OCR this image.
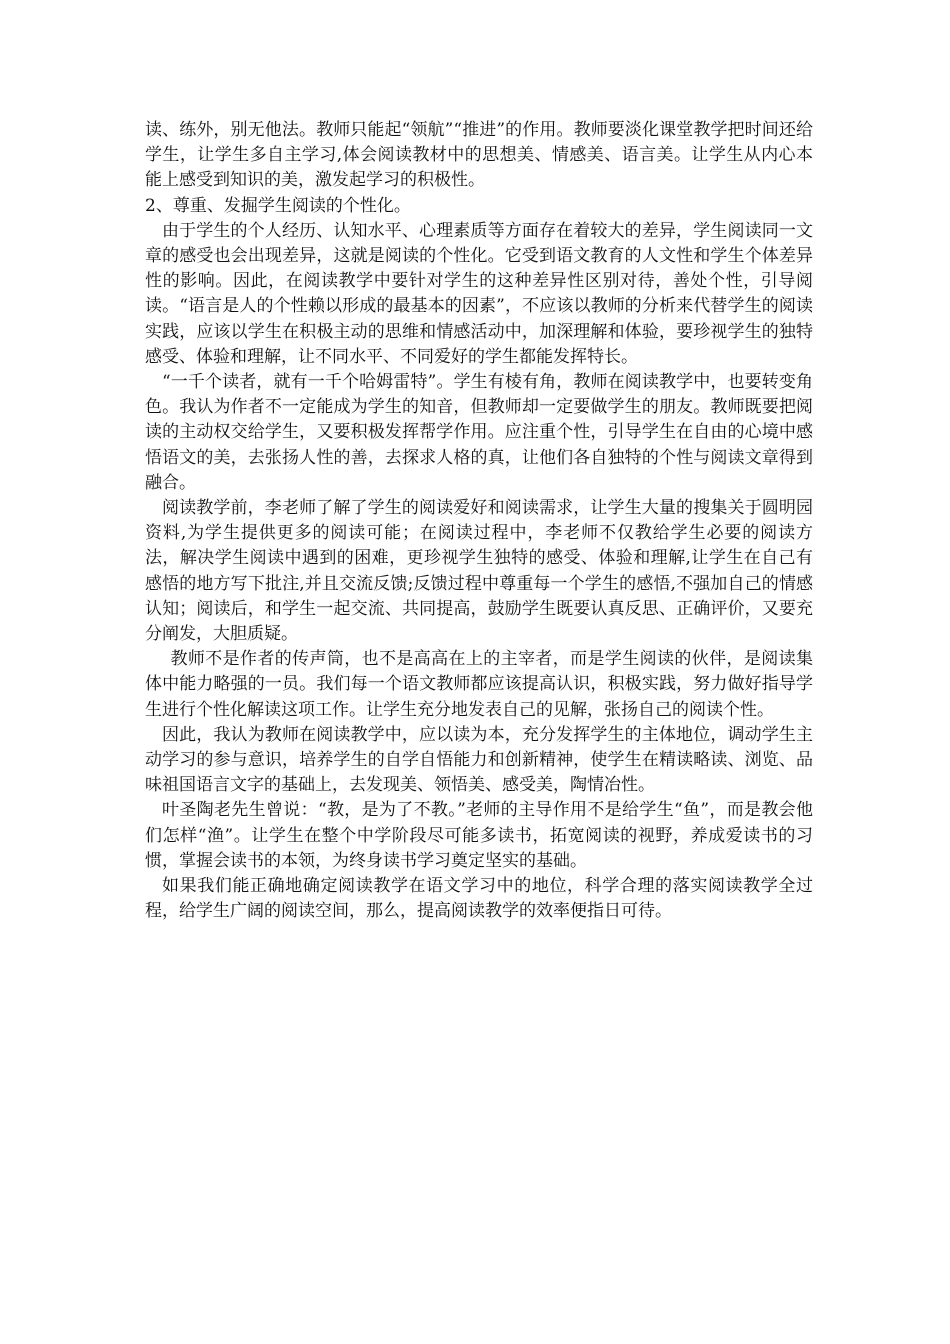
读、练外，别无他法。教师只能起“领航”“推进”的作用。教师要淡化课堂教学把时间还给学生，让学生多自主学习,体会阅读教材中的思想美、情感美、语言美。让学生从内心本能上感受到知识的美，激发起学习的积极性。

2、尊重、发掘学生阅读的个性化。

由于学生的个人经历、认知水平、心理素质等方面存在着较大的差异，学生阅读同一文章的感受也会出现差异，这就是阅读的个性化。它受到语文教育的人文性和学生个体差异性的影响。因此，在阅读教学中要针对学生的这种差异性区别对待，善处个性，引导阅读。“语言是人的个性赖以形成的最基本的因素”，不应该以教师的分析来代替学生的阅读实践，应该以学生在积极主动的思维和情感活动中，加深理解和体验，要珍视学生的独特感受、体验和理解，让不同水平、不同爱好的学生都能发挥特长。

“一千个读者，就有一千个哈姆雷特”。学生有棱有角，教师在阅读教学中，也要转变角色。我认为作者不一定能成为学生的知音，但教师却一定要做学生的朋友。教师既要把阅读的主动权交给学生，又要积极发挥帮学作用。应注重个性，引导学生在自由的心境中感悟语文的美，去张扬人性的善，去探求人格的真，让他们各自独特的个性与阅读文章得到融合。

阅读教学前，李老师了解了学生的阅读爱好和阅读需求，让学生大量的搜集关于圆明园资料,为学生提供更多的阅读可能；在阅读过程中，李老师不仅教给学生必要的阅读方法，解决学生阅读中遇到的困难，更珍视学生独特的感受、体验和理解,让学生在自己有感悟的地方写下批注,并且交流反馈;反馈过程中尊重每一个学生的感悟,不强加自己的情感认知；阅读后，和学生一起交流、共同提高，鼓励学生既要认真反思、正确评价，又要充分阐发，大胆质疑。

教师不是作者的传声筒，也不是高高在上的主宰者，而是学生阅读的伙伴，是阅读集体中能力略强的一员。我们每一个语文教师都应该提高认识，积极实践，努力做好指导学生进行个性化解读这项工作。让学生充分地发表自己的见解，张扬自己的阅读个性。

因此，我认为教师在阅读教学中，应以读为本，充分发挥学生的主体地位，调动学生主动学习的参与意识，培养学生的自学自悟能力和创新精神，使学生在精读略读、浏览、品味祖国语言文字的基础上，去发现美、领悟美、感受美，陶情冶性。

叶圣陶老先生曾说：“教，是为了不教。”老师的主导作用不是给学生“鱼”，而是教会他们怎样“渔”。让学生在整个中学阶段尽可能多读书，拓宽阅读的视野，养成爱读书的习惯，掌握会读书的本领，为终身读书学习奠定坚实的基础。

如果我们能正确地确定阅读教学在语文学习中的地位，科学合理的落实阅读教学全过程，给学生广阔的阅读空间，那么，提高阅读教学的效率便指日可待。
